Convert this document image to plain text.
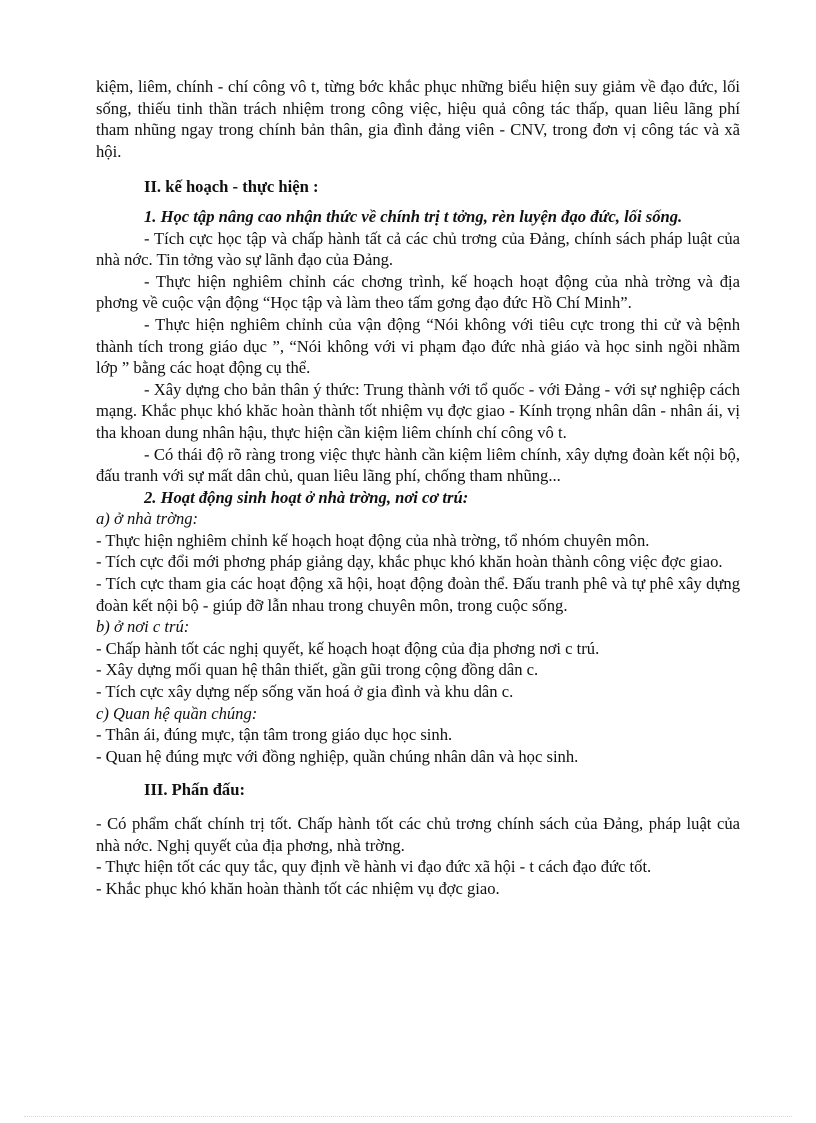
kiệm, liêm, chính - chí công vô t, từng bớc khắc phục những biểu hiện suy giảm về đạo đức, lối sống, thiếu tinh thần trách nhiệm trong công việc, hiệu quả công tác thấp, quan liêu lãng phí tham nhũng ngay trong chính bản thân, gia đình đảng viên - CNV, trong đơn vị công tác và xã hội.

II. kế hoạch - thực hiện :

1. Học tập nâng cao nhận thức về chính trị t tởng, rèn luyện đạo đức, lối sống.

- Tích cực học tập và chấp hành tất cả các chủ trơng của Đảng, chính sách pháp luật của nhà nớc. Tin tởng vào sự lãnh đạo của Đảng.

- Thực hiện nghiêm chỉnh các chơng trình, kế hoạch hoạt động của nhà trờng và địa phơng về cuộc vận động “Học tập và làm theo tấm gơng đạo đức Hồ Chí Minh”.

- Thực hiện nghiêm chỉnh của vận động “Nói không với tiêu cực trong thi cử và bệnh thành tích trong giáo dục ”, “Nói không với vi phạm đạo đức nhà giáo và học sinh ngồi nhầm lớp ” bằng các hoạt động cụ thể.

- Xây dựng cho bản thân ý thức: Trung thành với tổ quốc - với Đảng - với sự nghiệp cách mạng. Khắc phục khó khăc hoàn thành tốt nhiệm vụ đợc giao - Kính trọng nhân dân - nhân ái, vị tha khoan dung nhân hậu, thực hiện cần kiệm liêm chính chí công vô t.

- Có thái độ rõ ràng trong việc thực hành cần kiệm liêm chính, xây dựng đoàn kết nội bộ, đấu tranh với sự mất dân chủ, quan liêu lãng phí, chống tham nhũng...

2. Hoạt động sinh hoạt ở nhà trờng, nơi cơ trú:

a) ở nhà trờng:

- Thực hiện nghiêm chỉnh kế hoạch hoạt động của nhà trờng, tổ nhóm chuyên môn.

- Tích cực đổi mới phơng pháp giảng dạy, khắc phục khó khăn hoàn thành công việc đợc giao.

- Tích cực tham gia các hoạt động xã hội, hoạt động đoàn thể. Đấu tranh phê và tự phê xây dựng đoàn kết nội bộ - giúp đỡ lẫn nhau trong chuyên môn, trong cuộc sống.

b) ở nơi c trú:

- Chấp hành tốt các nghị quyết, kế hoạch hoạt động của địa phơng nơi c trú.

- Xây dựng mối quan hệ thân thiết, gần gũi trong cộng đồng dân c.

- Tích cực xây dựng nếp sống văn hoá ở gia đình và khu dân c.

c) Quan hệ quần chúng:

- Thân ái, đúng mực, tận tâm trong giáo dục học sinh.

- Quan hệ đúng mực với đồng nghiệp, quần chúng nhân dân và học sinh.

III. Phấn đấu:

- Có phẩm chất chính trị tốt. Chấp hành tốt các chủ trơng chính sách của Đảng, pháp luật của nhà nớc. Nghị quyết của địa phơng, nhà trờng.

- Thực hiện tốt các quy tắc, quy định về hành vi đạo đức xã hội - t cách đạo đức tốt.

- Khắc phục khó khăn hoàn thành tốt các nhiệm vụ đợc giao.
